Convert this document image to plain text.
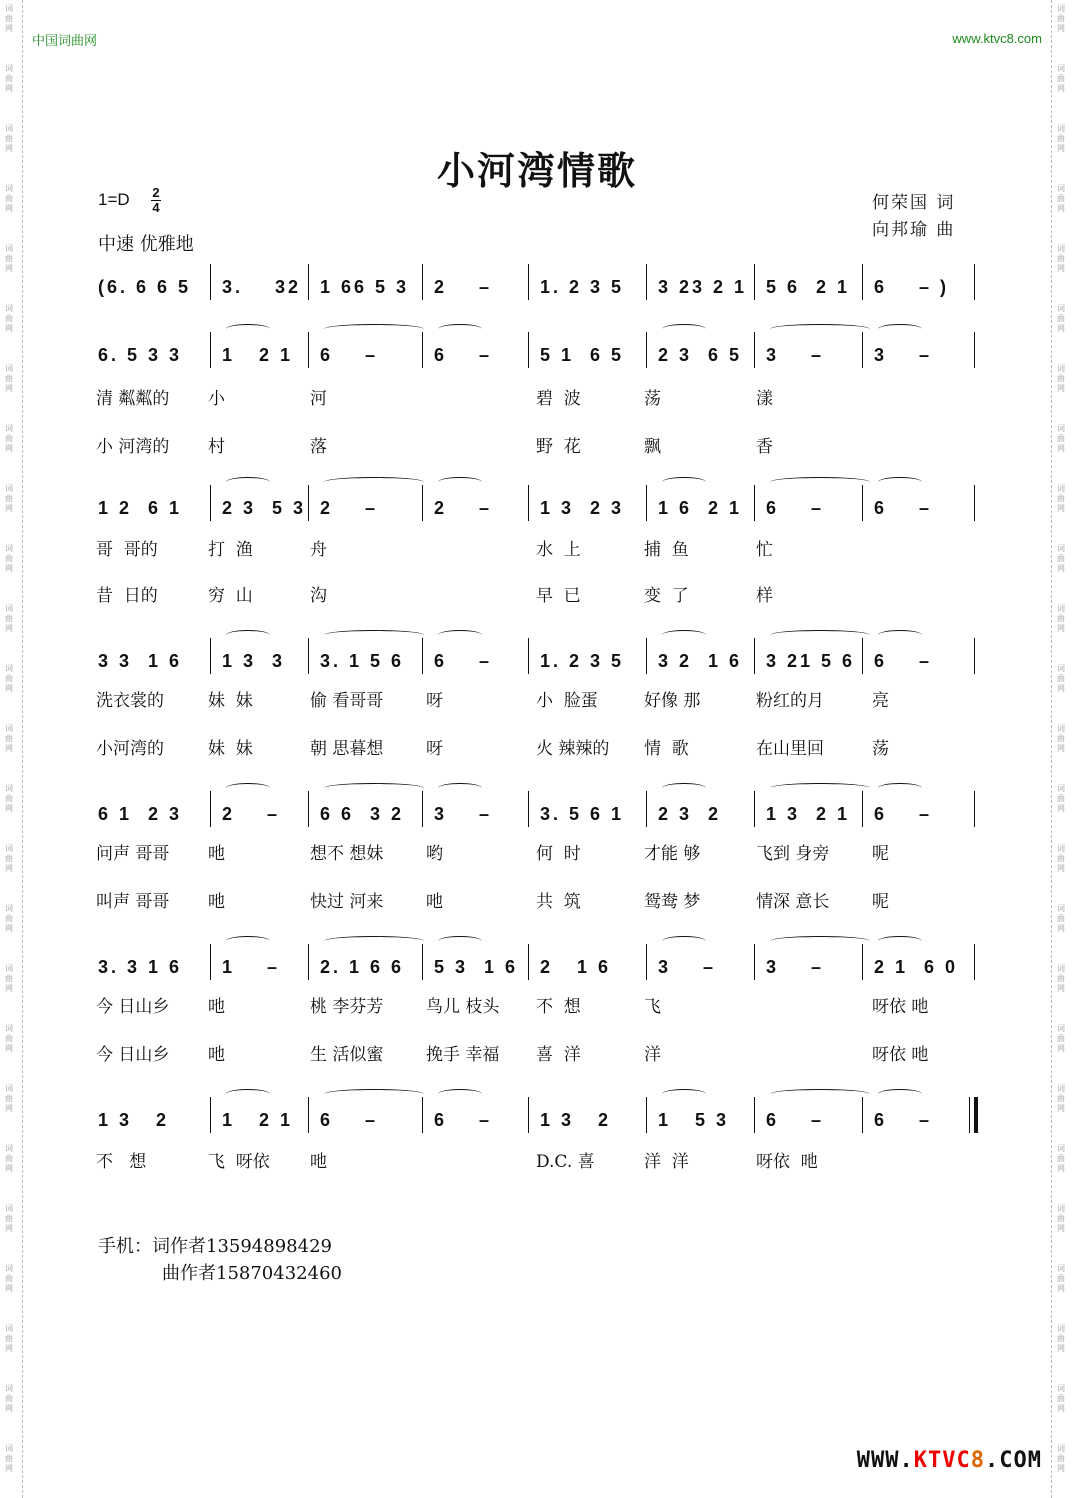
词曲网
词曲网
词曲网
词曲网
词曲网
词曲网
词曲网
词曲网
词曲网
词曲网
词曲网
词曲网
词曲网
词曲网
词曲网
词曲网
词曲网
词曲网
词曲网
词曲网
词曲网
词曲网
词曲网
词曲网
词曲网
词曲网
词曲网
词曲网
词曲网
词曲网
词曲网
词曲网
词曲网
词曲网
词曲网
词曲网
词曲网
词曲网
词曲网
词曲网
词曲网
词曲网
词曲网
词曲网
词曲网
词曲网
词曲网
词曲网
词曲网
词曲网
中国词曲网	www.ktvc8.com
小河湾情歌
1=D 2
4
中速 优雅地
何荣国 词
向邦瑜 曲
(6. 6 6 5 3.    32 1 66 5 3 2    –	1. 2 3 5 3 23 2 1 5 6  2 1 6    – )
6. 5 3 3 1   2 1 6    –	6    –	5 1  6 5 2 3  6 5 3    –	3    –
清 粼粼的 小	河	碧  波	荡	漾
小 河湾的 村	落	野  花	飘	香
1 2  6 1 2 3  5 3 2    –	2    –	1 3  2 3 1 6  2 1 6    –	6    –
哥  哥的	打  渔	舟	水  上	捕  鱼	忙
昔  日的	穷  山	沟	早  已	变  了	样
3 3  1 6 1 3  3 3. 1 5 6 6    –	1. 2 3 5 3 2  1 6 3 21 5 6 6    –
洗衣裳的	妹  妹	偷 看哥哥	呀	小  脸蛋	好像 那	粉红的月	亮
小河湾的	妹  妹	朝 思暮想	呀	火 辣辣的 情  歌	在山里回	荡
6 1  2 3 2    – 6 6  3 2 3    –	3. 5 6 1 2 3  2 1 3  2 1 6    –
问声 哥哥 吔	想不 想妹	哟	何  时	才能 够	飞到 身旁	呢
叫声 哥哥 吔	快过 河来	吔	共  筑	鸳鸯 梦	情深 意长	呢
3. 3 1 6 1    – 2. 1 6 6 5 3  1 6 2   1 6	3    –	3    –	2 1  6 0
今 日山乡 吔	桃 李芬芳	鸟儿 枝头 不  想	飞	呀依 吔
今 日山乡 吔	生 活似蜜	挽手 幸福 喜  洋	洋	呀依 吔
1 3   2	1   2 1 6    –	6    –	1 3   2	1   5 3 6    –	6    –
不   想	飞  呀依 吔	D.C. 喜	洋  洋	呀依  吔
手机：词作者13594898429
曲作者15870432460
WWW.KTVC8.COM
